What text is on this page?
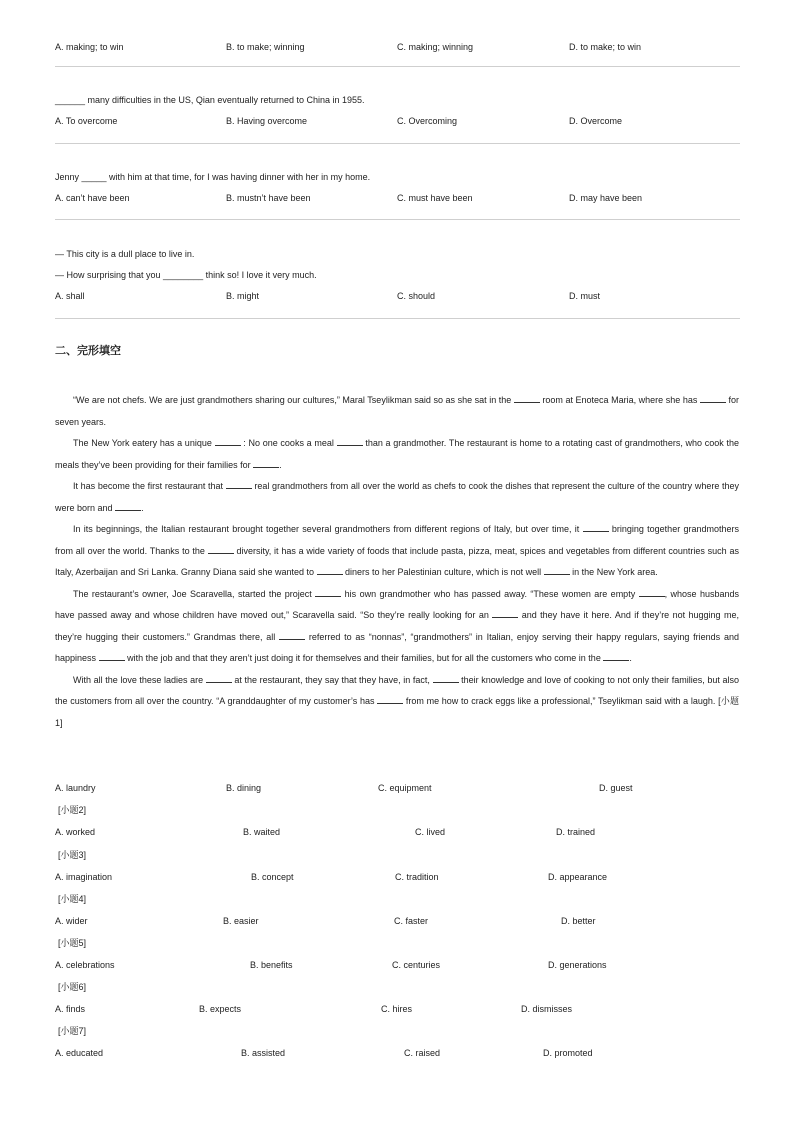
A. making; to win	B. to make; winning	C. making; winning	D. to make; to win
______ many difficulties in the US, Qian eventually returned to China in 1955.
A. To overcome	B. Having overcome	C. Overcoming	D. Overcome
Jenny _____ with him at that time, for I was having dinner with her in my home.
A. can’t have been	B. mustn’t have been	C. must have been	D. may have been
— This city is a dull place to live in.
— How surprising that you ________ think so! I love it very much.
A. shall	B. might	C. should	D. must
二、完形填空
“We are not chefs. We are just grandmothers sharing our cultures,” Maral Tseylikman said so as she sat in the	room at Enoteca Maria, where she has	for seven years.
The New York eatery has a unique	: No one cooks a meal	than a grandmother. The restaurant is home to a rotating cast of grandmothers, who cook the meals they’ve been providing for their families for	.
It has become the first restaurant that	real grandmothers from all over the world as chefs to cook the dishes that represent the culture of the country where they were born and	.
In its beginnings, the Italian restaurant brought together several grandmothers from different regions of Italy, but over time, it	bringing together grandmothers from all over the world. Thanks to the	diversity, it has a wide variety of foods that include pasta, pizza, meat, spices and vegetables from different countries such as Italy, Azerbaijan and Sri Lanka. Granny Diana said she wanted to	diners to her Palestinian culture, which is not well	in the New York area.
The restaurant’s owner, Joe Scaravella, started the project	his own grandmother who has passed away. “These women are empty	, whose husbands have passed away and whose children have moved out,” Scaravella said. “So they’re really looking for an	and they have it here. And if they’re not hugging me, they’re hugging their customers.” Grandmas there, all	referred to as “nonnas”, “grandmothers” in Italian, enjoy serving their happy regulars, saying friends and happiness	with the job and that they aren’t just doing it for themselves and their families, but for all the customers who come in the	.
With all the love these ladies are	at the restaurant, they say that they have, in fact,	their knowledge and love of cooking to not only their families, but also the customers from all over the country. “A granddaughter of my customer’s has	from me how to crack eggs like a professional,” Tseylikman said with a laugh. [小题1]
A. laundry	B. dining	C. equipment	D. guest
[小题2]
A. worked	B. waited	C. lived	D. trained
[小题3]
A. imagination	B. concept	C. tradition	D. appearance
[小题4]
A. wider	B. easier	C. faster	D. better
[小题5]
A. celebrations	B. benefits	C. centuries	D. generations
[小题6]
A. finds	B. expects	C. hires	D. dismisses
[小题7]
A. educated	B. assisted	C. raised	D. promoted
